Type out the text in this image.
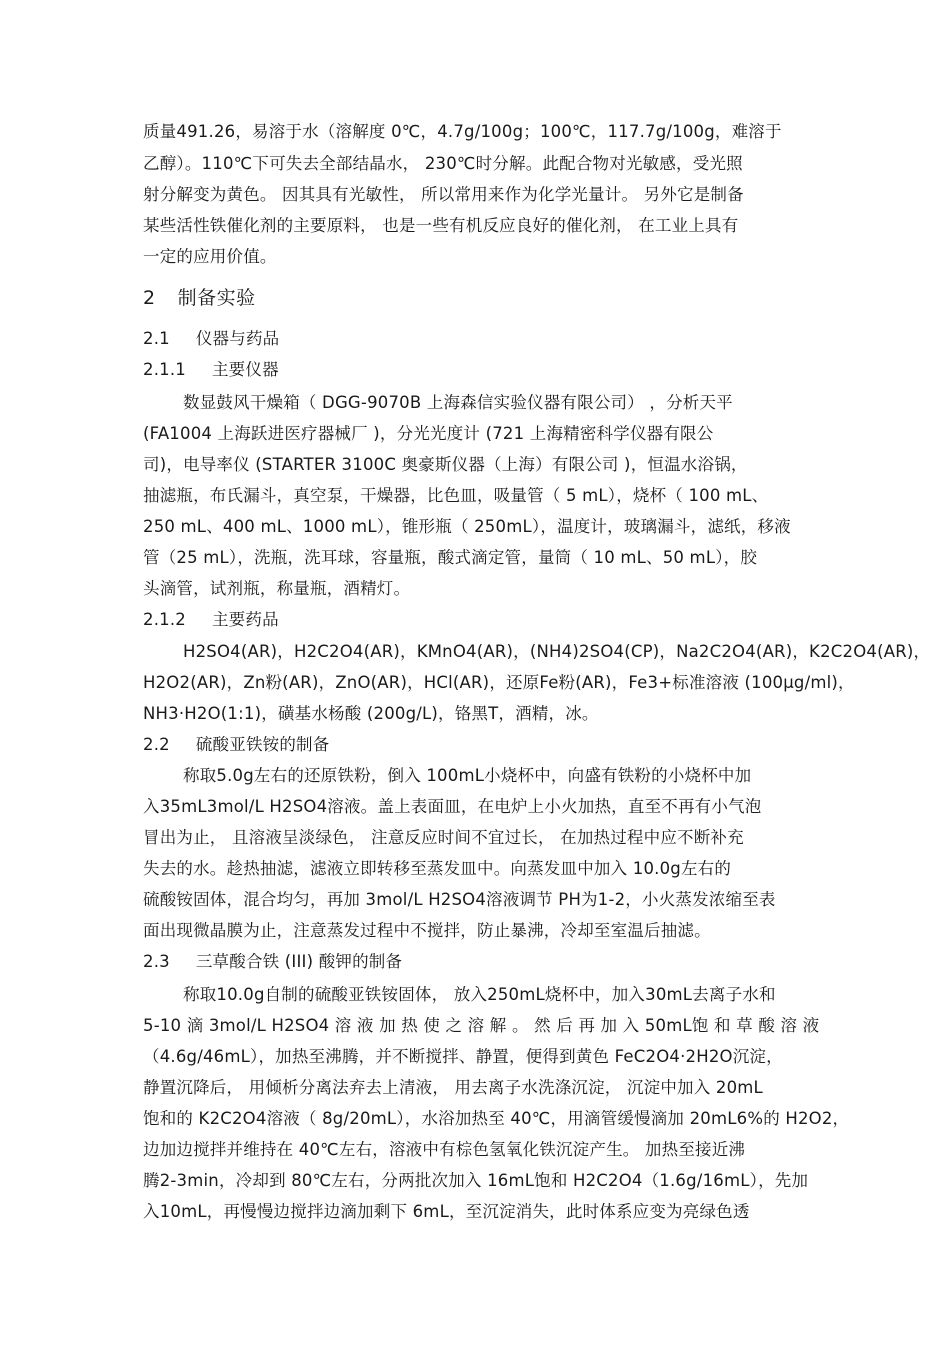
质量491.26，易溶于水（溶解度 0℃，4.7g/100g；100℃，117.7g/100g，难溶于
乙醇）。110℃下可失去全部结晶水， 230℃时分解。此配合物对光敏感，受光照
射分解变为黄色。 因其具有光敏性， 所以常用来作为化学光量计。 另外它是制备
某些活性铁催化剂的主要原料， 也是一些有机反应良好的催化剂， 在工业上具有
一定的应用价值。
2 制备实验
2.1 仪器与药品
2.1.1 主要仪器
数显鼓风干燥箱（ DGG-9070B 上海森信实验仪器有限公司） ，分析天平
(FA1004 上海跃进医疗器械厂 )，分光光度计 (721 上海精密科学仪器有限公
司)，电导率仪 (STARTER 3100C 奥豪斯仪器（上海）有限公司 )，恒温水浴锅，
抽滤瓶，布氏漏斗，真空泵，干燥器，比色皿，吸量管（ 5 mL），烧杯（ 100 mL、
250 mL、400 mL、1000 mL），锥形瓶（ 250mL），温度计，玻璃漏斗，滤纸，移液
管（25 mL），洗瓶，洗耳球，容量瓶，酸式滴定管，量筒（ 10 mL、50 mL），胶
头滴管，试剂瓶，称量瓶，酒精灯。
2.1.2 主要药品
H2SO4(AR)，H2C2O4(AR)，KMnO4(AR)，(NH4)2SO4(CP)，Na2C2O4(AR)，K2C2O4(AR)，
H2O2(AR)，Zn粉(AR)，ZnO(AR)，HCl(AR)，还原Fe粉(AR)，Fe3+标准溶液 (100μg/ml)，
NH3·H2O(1:1)，磺基水杨酸 (200g/L)，铬黑T，酒精，冰。
2.2 硫酸亚铁铵的制备
称取5.0g左右的还原铁粉，倒入 100mL小烧杯中，向盛有铁粉的小烧杯中加
入35mL3mol/L H2SO4溶液。盖上表面皿，在电炉上小火加热，直至不再有小气泡
冒出为止， 且溶液呈淡绿色， 注意反应时间不宜过长， 在加热过程中应不断补充
失去的水。趁热抽滤，滤液立即转移至蒸发皿中。向蒸发皿中加入 10.0g左右的
硫酸铵固体，混合均匀，再加 3mol/L H2SO4溶液调节 PH为1-2，小火蒸发浓缩至表
面出现微晶膜为止，注意蒸发过程中不搅拌，防止暴沸，冷却至室温后抽滤。
2.3 三草酸合铁 (III) 酸钾的制备
称取10.0g自制的硫酸亚铁铵固体， 放入250mL烧杯中，加入30mL去离子水和
5-10 滴 3mol/L H2SO4 溶 液 加 热 使 之 溶 解 。 然 后 再 加 入 50mL饱 和 草 酸 溶 液
（4.6g/46mL），加热至沸腾，并不断搅拌、静置，便得到黄色 FeC2O4·2H2O沉淀，
静置沉降后， 用倾析分离法弃去上清液， 用去离子水洗涤沉淀， 沉淀中加入 20mL
饱和的 K2C2O4溶液（ 8g/20mL），水浴加热至 40℃，用滴管缓慢滴加 20mL6%的 H2O2，
边加边搅拌并维持在 40℃左右，溶液中有棕色氢氧化铁沉淀产生。 加热至接近沸
腾2-3min，冷却到 80℃左右，分两批次加入 16mL饱和 H2C2O4（1.6g/16mL），先加
入10mL，再慢慢边搅拌边滴加剩下 6mL，至沉淀消失，此时体系应变为亮绿色透
